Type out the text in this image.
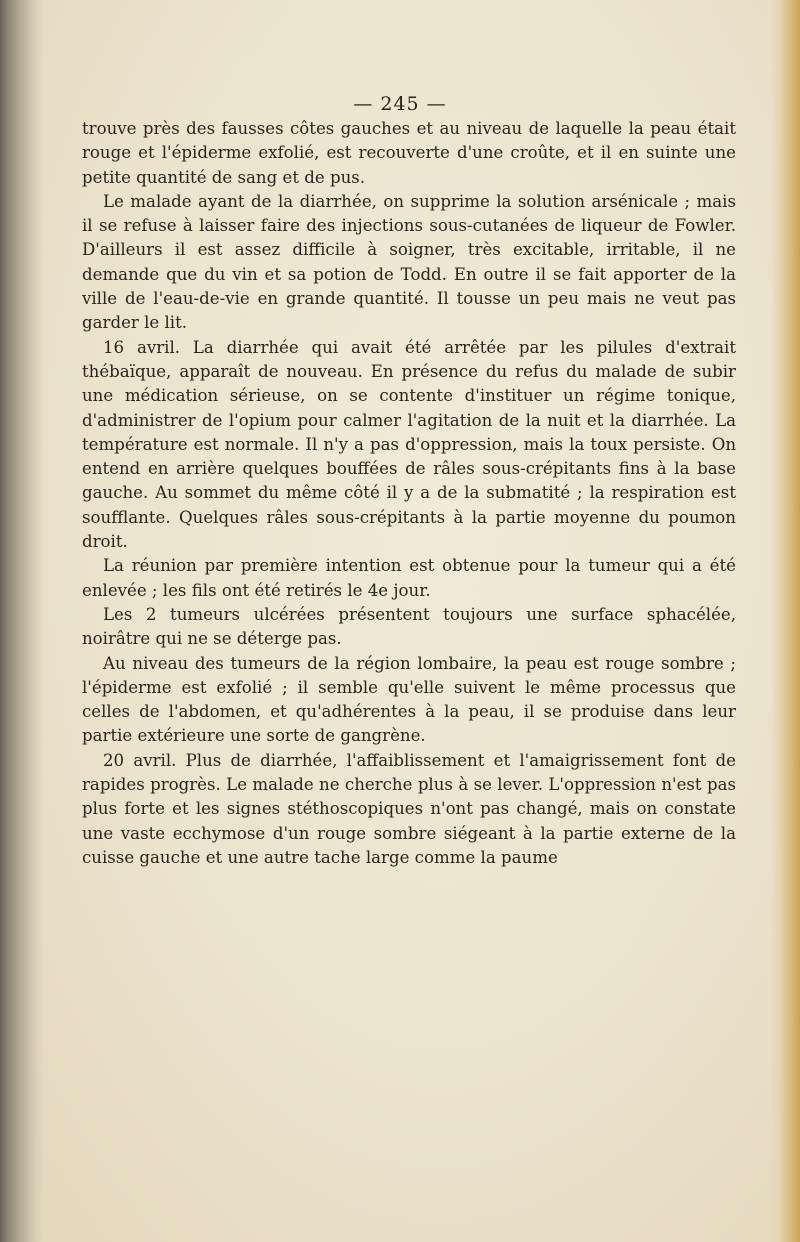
— 245 —

trouve près des fausses côtes gauches et au niveau de laquelle la peau était rouge et l'épiderme exfolié, est recouverte d'une croûte, et il en suinte une petite quantité de sang et de pus.

Le malade ayant de la diarrhée, on supprime la solution arsénicale ; mais il se refuse à laisser faire des injections sous-cutanées de liqueur de Fowler. D'ailleurs il est assez difficile à soigner, très excitable, irritable, il ne demande que du vin et sa potion de Todd. En outre il se fait apporter de la ville de l'eau-de-vie en grande quantité. Il tousse un peu mais ne veut pas garder le lit.

16 avril. La diarrhée qui avait été arrêtée par les pilules d'extrait thébaïque, apparaît de nouveau. En présence du refus du malade de subir une médication sérieuse, on se contente d'instituer un régime tonique, d'administrer de l'opium pour calmer l'agitation de la nuit et la diarrhée. La température est normale. Il n'y a pas d'oppression, mais la toux persiste. On entend en arrière quelques bouffées de râles sous-crépitants fins à la base gauche. Au sommet du même côté il y a de la submatité ; la respiration est soufflante. Quelques râles sous-crépitants à la partie moyenne du poumon droit.

La réunion par première intention est obtenue pour la tumeur qui a été enlevée ; les fils ont été retirés le 4e jour.

Les 2 tumeurs ulcérées présentent toujours une surface sphacélée, noirâtre qui ne se déterge pas.

Au niveau des tumeurs de la région lombaire, la peau est rouge sombre ; l'épiderme est exfolié ; il semble qu'elle suivent le même processus que celles de l'abdomen, et qu'adhérentes à la peau, il se produise dans leur partie extérieure une sorte de gangrène.

20 avril. Plus de diarrhée, l'affaiblissement et l'amaigrissement font de rapides progrès. Le malade ne cherche plus à se lever. L'oppression n'est pas plus forte et les signes stéthoscopiques n'ont pas changé, mais on constate une vaste ecchymose d'un rouge sombre siégeant à la partie externe de la cuisse gauche et une autre tache large comme la paume
